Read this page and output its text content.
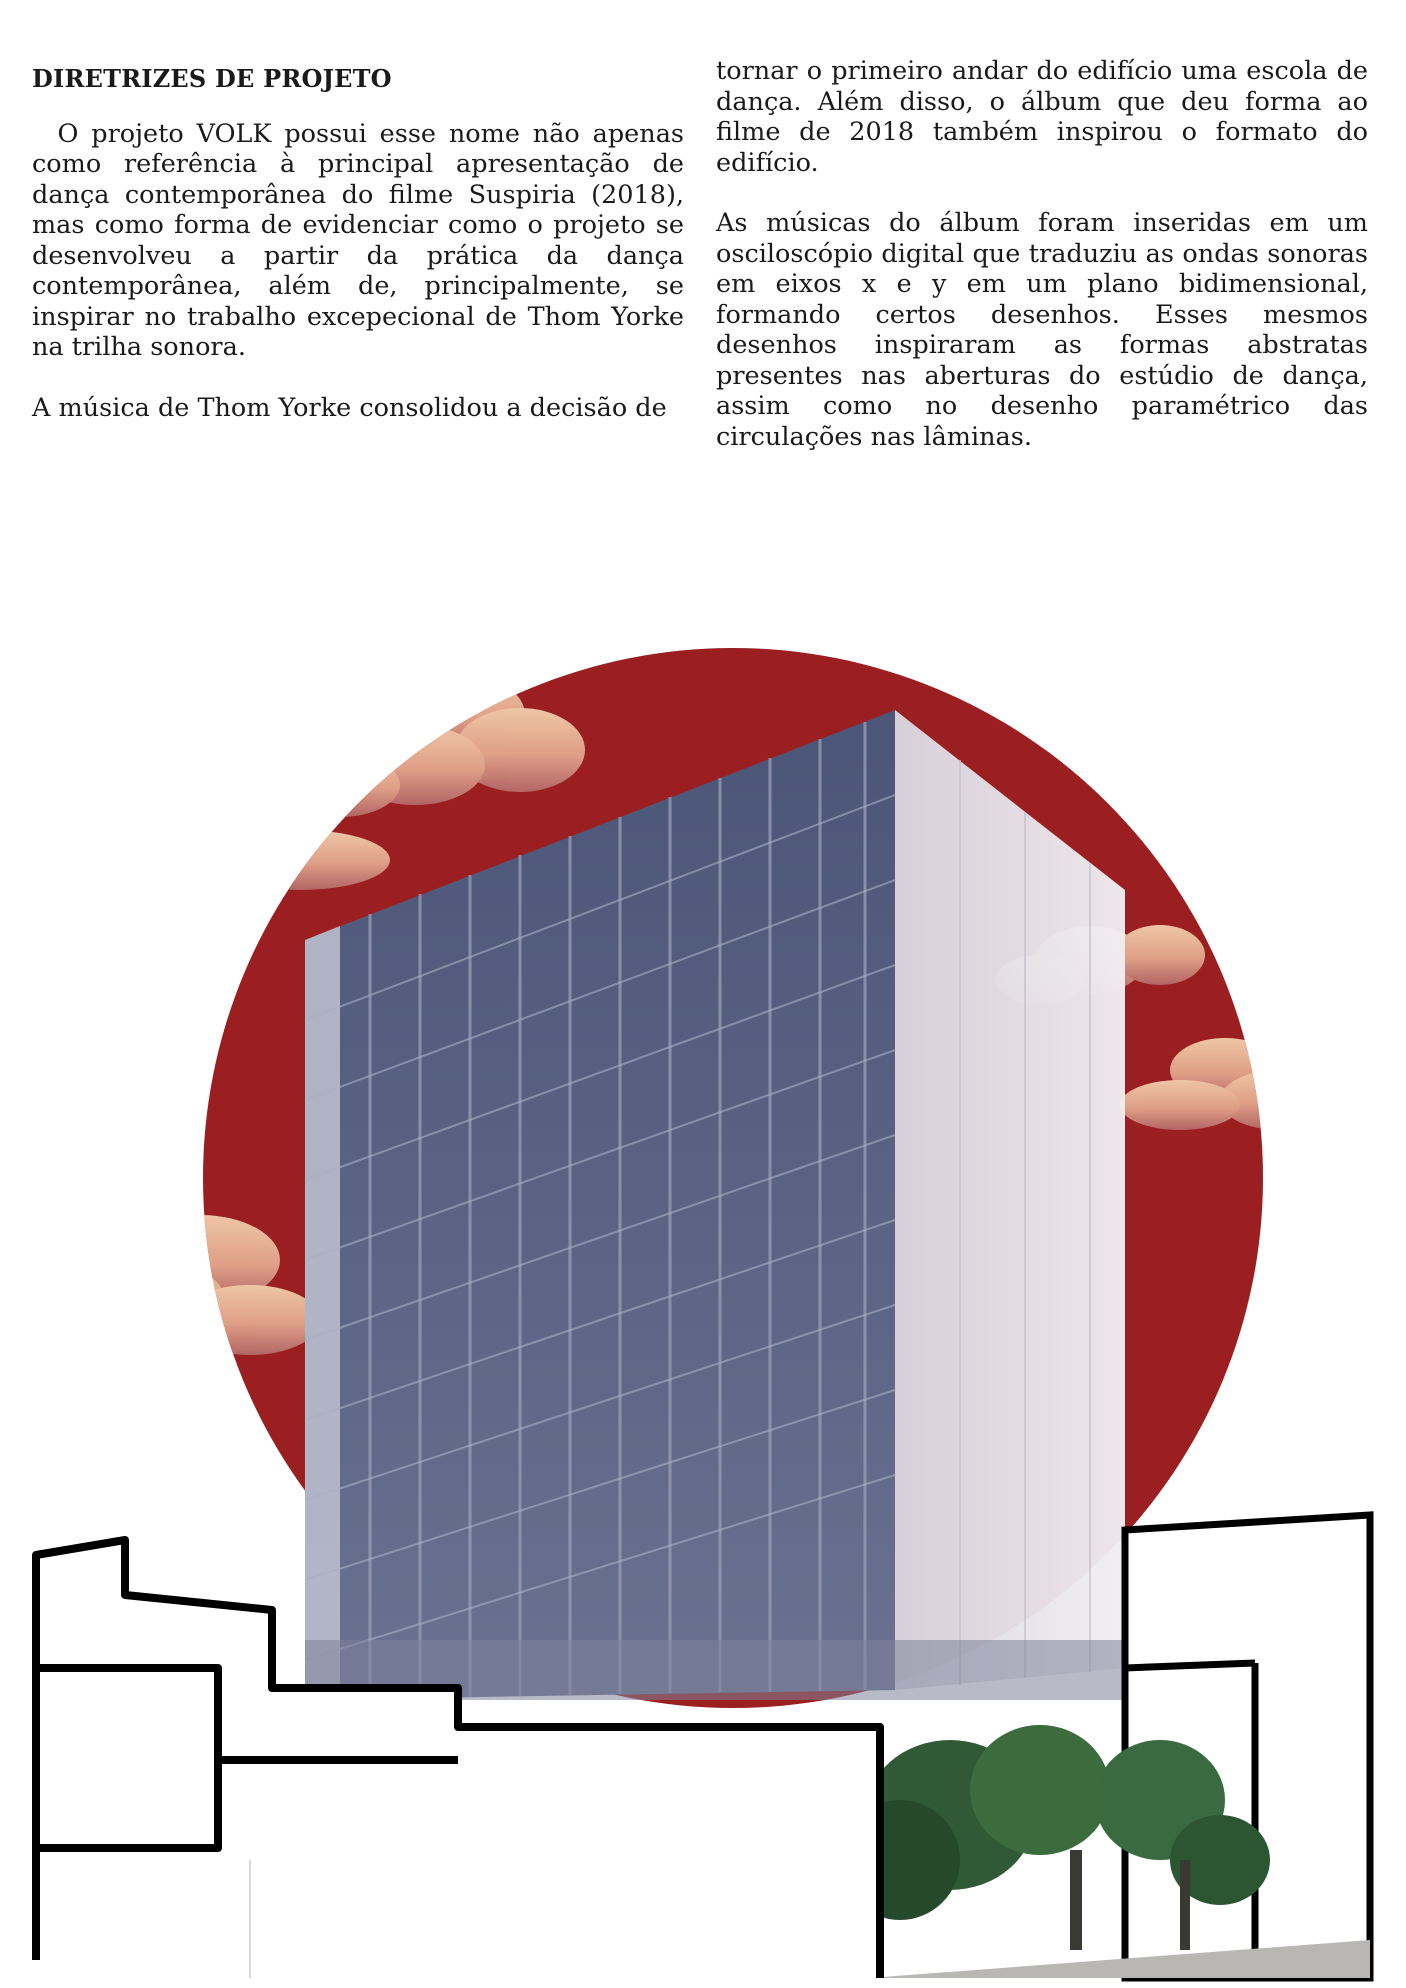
DIRETRIZES DE PROJETO

O projeto VOLK possui esse nome não apenas como referência à principal apresentação de dança contemporânea do filme Suspiria (2018), mas como forma de evidenciar como o projeto se desenvolveu a partir da prática da dança contemporânea, além de, principalmente, se inspirar no trabalho excepecional de Thom Yorke na trilha sonora.

A música de Thom Yorke consolidou a decisão de

tornar o primeiro andar do edifício uma escola de dança. Além disso, o álbum que deu forma ao filme de 2018 também inspirou o formato do edifício.

As músicas do álbum foram inseridas em um osciloscópio digital que traduziu as ondas sonoras em eixos x e y em um plano bidimensional, formando certos desenhos. Esses mesmos desenhos inspiraram as formas abstratas presentes nas aberturas do estúdio de dança, assim como no desenho paramétrico das circulações nas lâminas.
